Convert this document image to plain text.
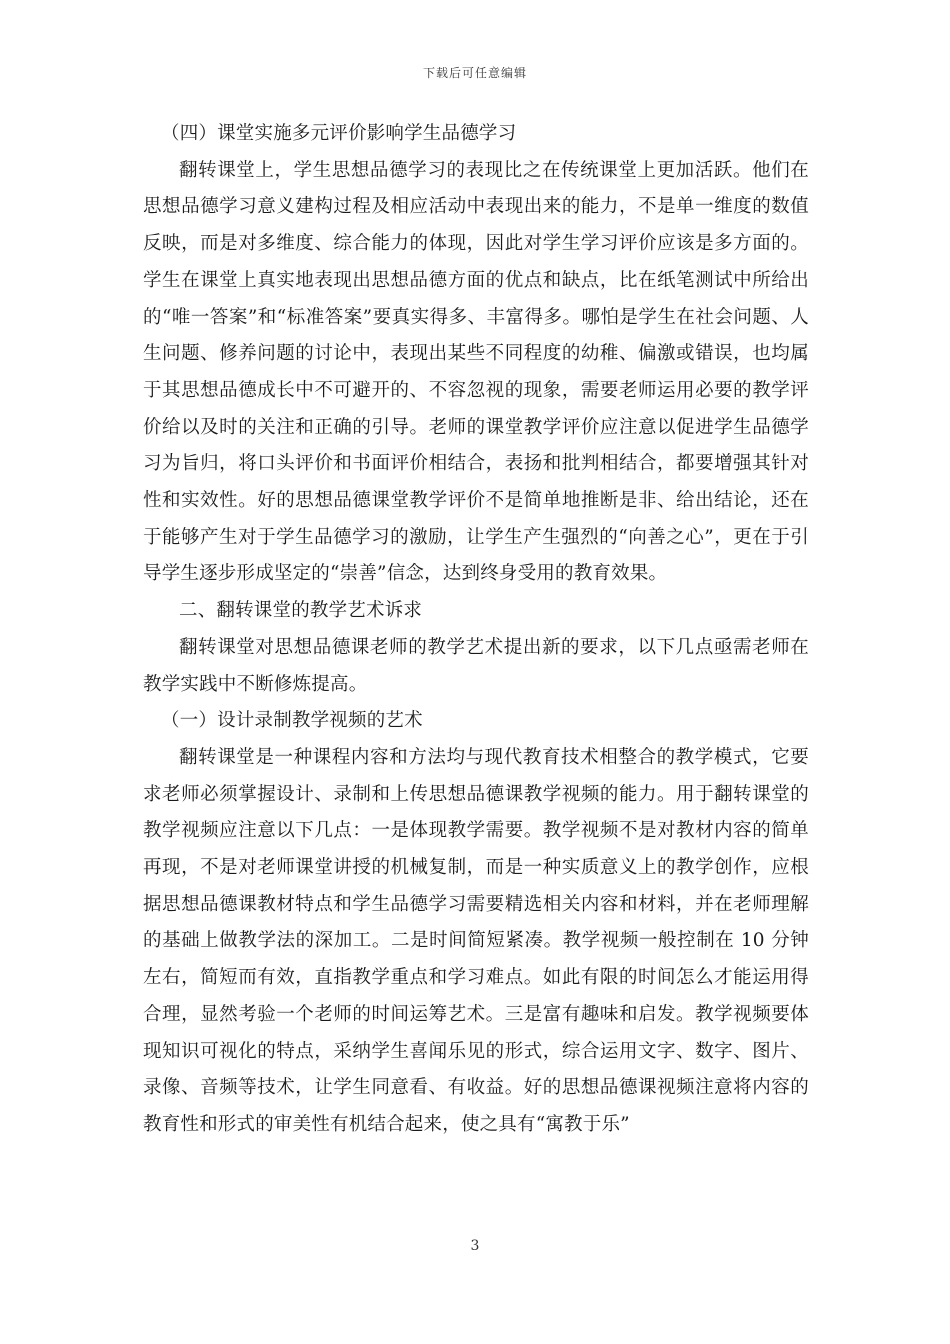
下载后可任意编辑

（四）课堂实施多元评价影响学生品德学习

翻转课堂上，学生思想品德学习的表现比之在传统课堂上更加活跃。他们在思想品德学习意义建构过程及相应活动中表现出来的能力，不是单一维度的数值反映，而是对多维度、综合能力的体现，因此对学生学习评价应该是多方面的。学生在课堂上真实地表现出思想品德方面的优点和缺点，比在纸笔测试中所给出的“唯一答案”和“标准答案”要真实得多、丰富得多。哪怕是学生在社会问题、人生问题、修养问题的讨论中，表现出某些不同程度的幼稚、偏激或错误，也均属于其思想品德成长中不可避开的、不容忽视的现象，需要老师运用必要的教学评价给以及时的关注和正确的引导。老师的课堂教学评价应注意以促进学生品德学习为旨归，将口头评价和书面评价相结合，表扬和批判相结合，都要增强其针对性和实效性。好的思想品德课堂教学评价不是简单地推断是非、给出结论，还在于能够产生对于学生品德学习的激励，让学生产生强烈的“向善之心”，更在于引导学生逐步形成坚定的“崇善”信念，达到终身受用的教育效果。

二、翻转课堂的教学艺术诉求

翻转课堂对思想品德课老师的教学艺术提出新的要求，以下几点亟需老师在教学实践中不断修炼提高。

（一）设计录制教学视频的艺术

翻转课堂是一种课程内容和方法均与现代教育技术相整合的教学模式，它要求老师必须掌握设计、录制和上传思想品德课教学视频的能力。用于翻转课堂的教学视频应注意以下几点：一是体现教学需要。教学视频不是对教材内容的简单再现，不是对老师课堂讲授的机械复制，而是一种实质意义上的教学创作，应根据思想品德课教材特点和学生品德学习需要精选相关内容和材料，并在老师理解的基础上做教学法的深加工。二是时间简短紧凑。教学视频一般控制在 10 分钟左右，简短而有效，直指教学重点和学习难点。如此有限的时间怎么才能运用得合理，显然考验一个老师的时间运筹艺术。三是富有趣味和启发。教学视频要体现知识可视化的特点，采纳学生喜闻乐见的形式，综合运用文字、数字、图片、录像、音频等技术，让学生同意看、有收益。好的思想品德课视频注意将内容的教育性和形式的审美性有机结合起来，使之具有“寓教于乐”

3
